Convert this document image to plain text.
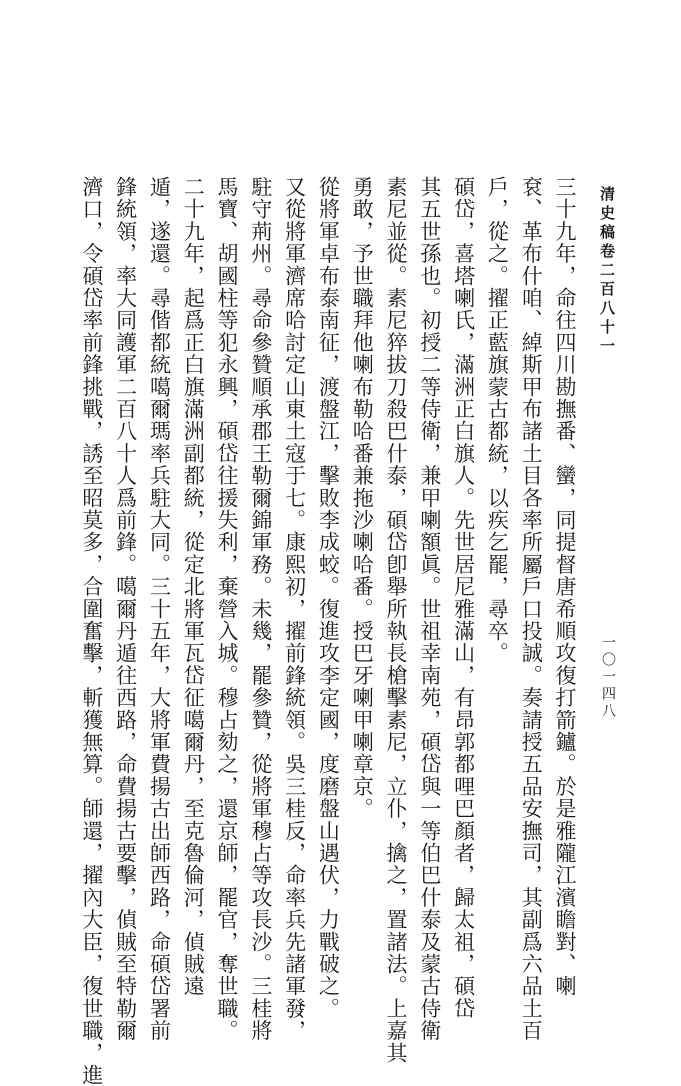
清史稿卷二百八十一
一〇一四八
三十九年，命往四川勘撫番、蠻，同提督唐希順攻復打箭鑪。於是雅隴江濱瞻對、喇
袞、革布什咱、綽斯甲布諸土目各率所屬戶口投誠。奏請授五品安撫司，其副爲六品土百
戶，從之。擢正藍旗蒙古都統，以疾乞罷，尋卒。
碩岱，喜塔喇氏，滿洲正白旗人。先世居尼雅滿山，有昂郭都哩巴顏者，歸太祖，碩岱
其五世孫也。初授二等侍衛，兼甲喇額眞。世祖幸南苑，碩岱與一等伯巴什泰及蒙古侍衛
素尼並從。素尼猝拔刀殺巴什泰，碩岱卽舉所執長槍擊素尼，立仆，擒之，置諸法。上嘉其
勇敢，予世職拜他喇布勒哈番兼拖沙喇哈番。授巴牙喇甲喇章京。
從將軍卓布泰南征，渡盤江，擊敗李成蛟。復進攻李定國，度磨盤山遇伏，力戰破之。
又從將軍濟席哈討定山東土寇于七。康熙初，擢前鋒統領。吳三桂反，命率兵先諸軍發，
駐守荊州。尋命參贊順承郡王勒爾錦軍務。未幾，罷參贊，從將軍穆占等攻長沙。三桂將
馬寶、胡國柱等犯永興，碩岱往援失利，棄營入城。穆占劾之，還京師，罷官，奪世職。
二十九年，起爲正白旗滿洲副都統，從定北將軍瓦岱征噶爾丹，至克魯倫河，偵賊遠
遁，遂還。尋偕都統噶爾瑪率兵駐大同。三十五年，大將軍費揚古出師西路，命碩岱署前
鋒統領，率大同護軍二百八十人爲前鋒。噶爾丹遁往西路，命費揚古要擊，偵賊至特勒爾
濟口，令碩岱率前鋒挑戰，誘至昭莫多，合圍奮擊，斬獲無算。師還，擢內大臣，復世職，進
